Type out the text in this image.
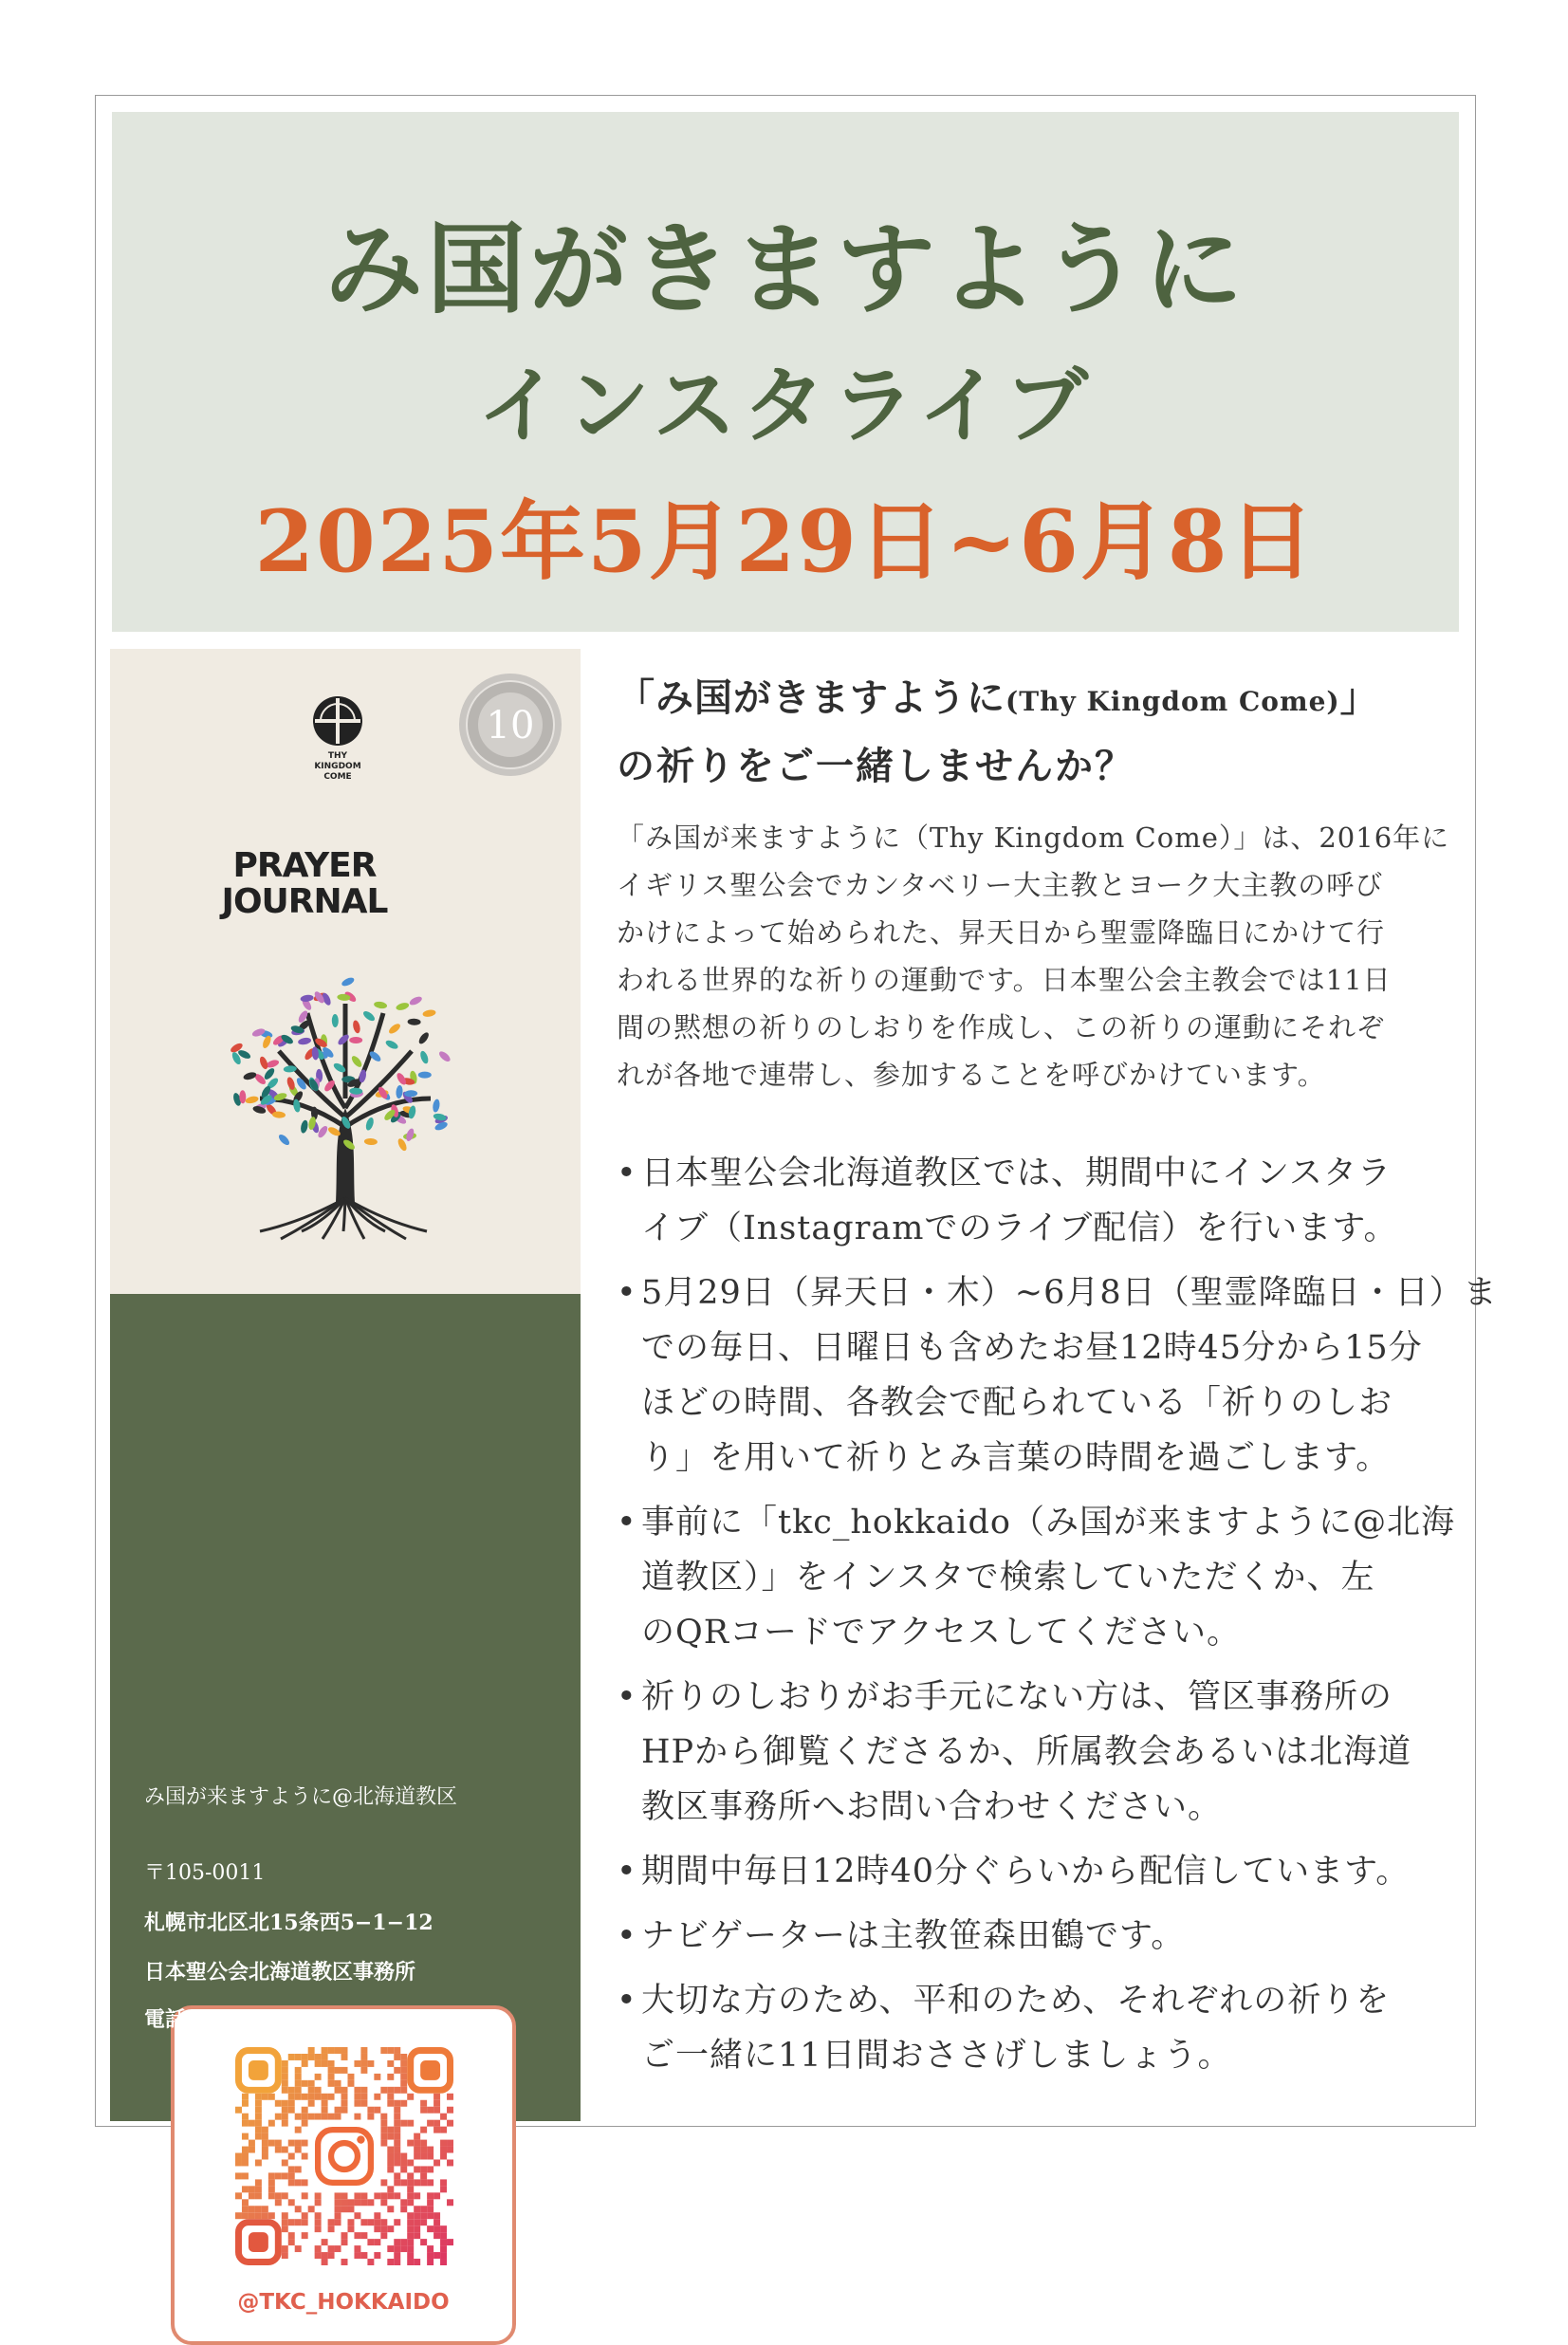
み国がきますように
インスタライブ
2025年5月29日~6月8日
THY
KINGDOM
COME
10
PRAYER
JOURNAL
@TKC_HOKKAIDO
み国が来ますように@北海道教区
〒105-0011
札幌市北区北15条西5−1−12
日本聖公会北海道教区事務所
電話：011-717-8181
「み国がきますように(Thy Kingdom Come)」
の祈りをご一緒しませんか？
「み国が来ますように（Thy Kingdom Come）」は、2016年に
イギリス聖公会でカンタベリー大主教とヨーク大主教の呼び
かけによって始められた、昇天日から聖霊降臨日にかけて行
われる世界的な祈りの運動です。日本聖公会主教会では11日
間の黙想の祈りのしおりを作成し、この祈りの運動にそれぞ
れが各地で連帯し、参加することを呼びかけています。
• 日本聖公会北海道教区では、期間中にインスタラ
イブ（Instagramでのライブ配信）を行います。
• 5月29日（昇天日・木）~6月8日（聖霊降臨日・日）ま
での毎日、日曜日も含めたお昼12時45分から15分
ほどの時間、各教会で配られている「祈りのしお
り」を用いて祈りとみ言葉の時間を過ごします。
• 事前に「tkc_hokkaido（み国が来ますように@北海
道教区）」をインスタで検索していただくか、左
のQRコードでアクセスしてください。
• 祈りのしおりがお手元にない方は、管区事務所の
HPから御覧くださるか、所属教会あるいは北海道
教区事務所へお問い合わせください。
• 期間中毎日12時40分ぐらいから配信しています。
• ナビゲーターは主教笹森田鶴です。
• 大切な方のため、平和のため、それぞれの祈りを
ご一緒に11日間おささげしましょう。
